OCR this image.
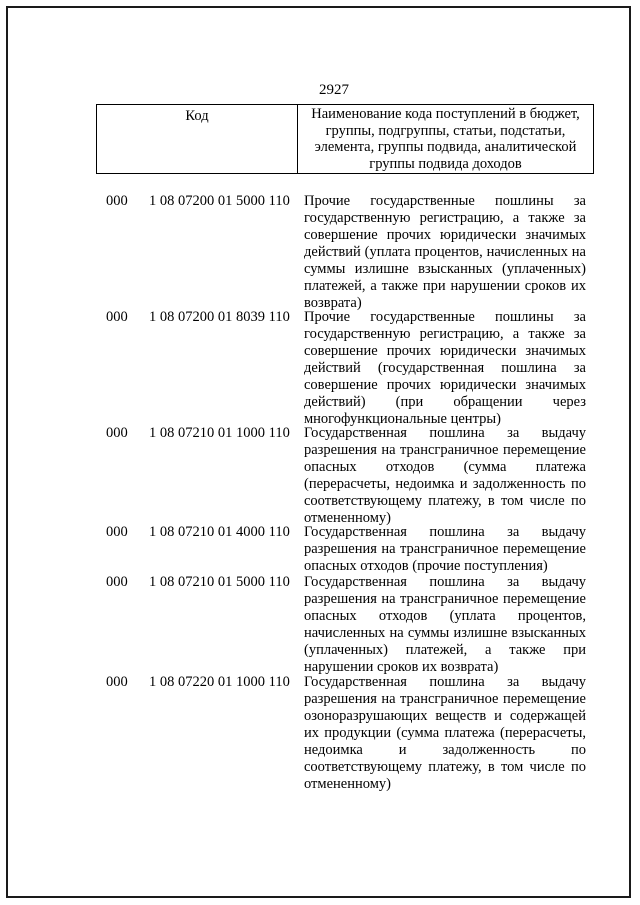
2927
Код	Наименование кода поступлений в бюджет, группы, подгруппы, статьи, подстатьи, элемента, группы подвида, аналитической группы подвида доходов
000 1 08 07200 01 5000 110 Прочие государственные пошлины за
государственную регистрацию, а также за
совершение прочих юридически значимых
действий (уплата процентов, начисленных на
суммы излишне взысканных (уплаченных)
платежей, а также при нарушении сроков их
возврата)
000 1 08 07200 01 8039 110 Прочие государственные пошлины за
государственную регистрацию, а также за
совершение прочих юридически значимых
действий (государственная пошлина за
совершение прочих юридически значимых
действий) (при обращении через
многофункциональные центры)
000 1 08 07210 01 1000 110 Государственная пошлина за выдачу
разрешения на трансграничное перемещение
опасных отходов (сумма платежа
(перерасчеты, недоимка и задолженность по
соответствующему платежу, в том числе по
отмененному)
000 1 08 07210 01 4000 110 Государственная пошлина за выдачу
разрешения на трансграничное перемещение
опасных отходов (прочие поступления)
000 1 08 07210 01 5000 110 Государственная пошлина за выдачу
разрешения на трансграничное перемещение
опасных отходов (уплата процентов,
начисленных на суммы излишне взысканных
(уплаченных) платежей, а также при
нарушении сроков их возврата)
000 1 08 07220 01 1000 110 Государственная пошлина за выдачу
разрешения на трансграничное перемещение
озоноразрушающих веществ и содержащей
их продукции (сумма платежа (перерасчеты,
недоимка и задолженность по
соответствующему платежу, в том числе по
отмененному)
